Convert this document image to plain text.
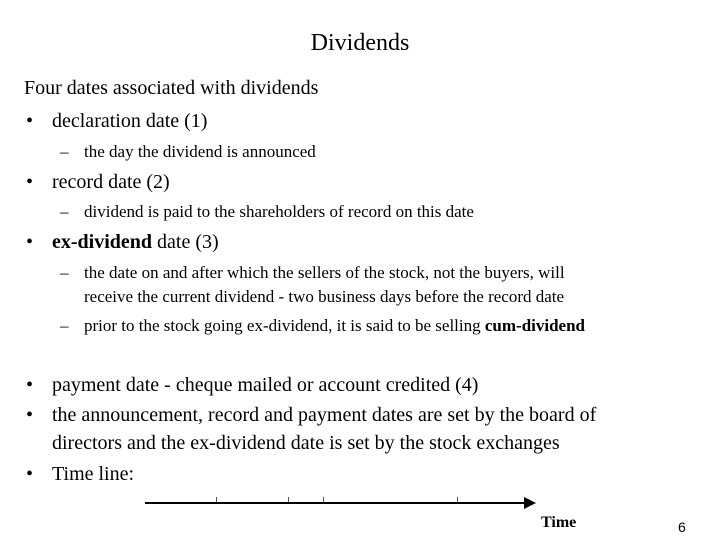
Dividends
Four dates associated with dividends
• declaration date (1)
– the day the dividend is announced
• record date (2)
– dividend is paid to the shareholders of record on this date
• ex-dividend date (3)
– the date on and after which the sellers of the stock, not the buyers, will
receive the current dividend - two business days before the record date
– prior to the stock going ex-dividend, it is said to be selling cum-dividend
• payment date - cheque mailed or account credited (4)
• the announcement, record and payment dates are set by the board of
directors and the ex-dividend date is set by the stock exchanges
• Time line:
Time	6
